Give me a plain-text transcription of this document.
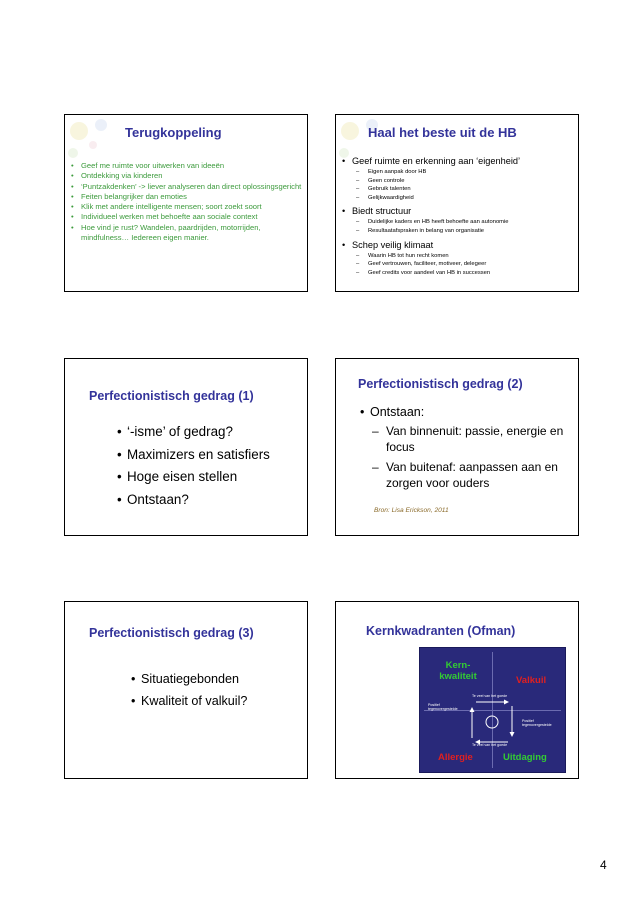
Terugkoppeling
• Geef me ruimte voor uitwerken van ideeën
• Ontdekking via kinderen
• ‘Puntzakdenken’ -> liever analyseren dan direct oplossingsgericht
• Feiten belangrijker dan emoties
• Klik met andere intelligente mensen; soort zoekt soort
• Individueel werken met behoefte aan sociale context
• Hoe vind je rust? Wandelen, paardrijden, motorrijden, mindfulness… Iedereen eigen manier.
Haal het beste uit de HB
• Geef ruimte en erkenning aan ‘eigenheid’
– Eigen aanpak door HB
– Geen controle
– Gebruik talenten
– Gelijkwaardigheid
• Biedt structuur
– Duidelijke kaders en HB heeft behoefte aan autonomie
– Resultaatafspraken in belang van organisatie
• Schep veilig klimaat
– Waarin HB tot hun recht komen
– Geef vertrouwen, faciliteer, motiveer, delegeer
– Geef credits voor aandeel van HB in successen
Perfectionistisch gedrag (1)
• ‘-isme’ of gedrag?
• Maximizers en satisfiers
• Hoge eisen stellen
• Ontstaan?
Perfectionistisch gedrag (2)
• Ontstaan:
– Van binnenuit: passie, energie en focus
– Van buitenaf: aanpassen aan en zorgen voor ouders
Bron: Lisa Erickson, 2011
Perfectionistisch gedrag (3)
• Situatiegebonden
• Kwaliteit of valkuil?
Kernkwadranten (Ofman)
Kern-kwaliteit	Valkuil
Allergie	Uitdaging
Te veel van het goede
Te veel van het goede
Positief tegenovergestelde
Positief tegenovergestelde
4
